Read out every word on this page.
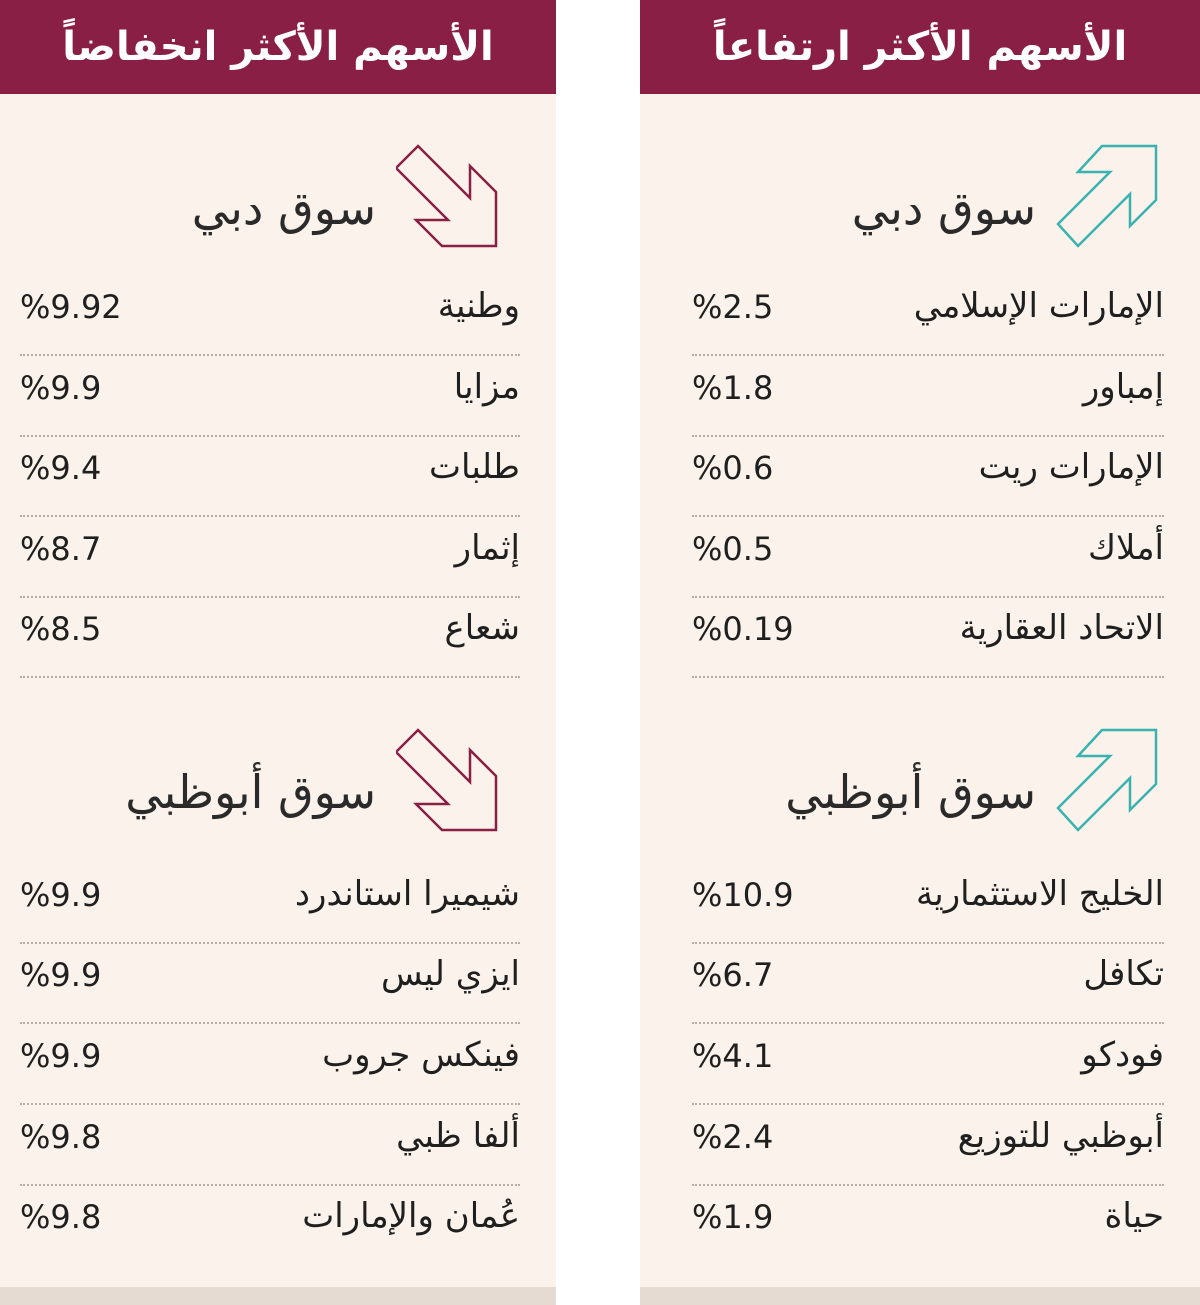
الأسهم الأكثر انخفاضاً
سوق دبي
وطنية
%9.92
مزايا
%9.9
طلبات
%9.4
إثمار
%8.7
شعاع
%8.5
سوق أبوظبي
شيميرا استاندرد
%9.9
ايزي ليس
%9.9
فينكس جروب
%9.9
ألفا ظبي
%9.8
عُمان والإمارات
%9.8
الأسهم الأكثر ارتفاعاً
سوق دبي
الإمارات الإسلامي
%2.5
إمباور
%1.8
الإمارات ريت
%0.6
أملاك
%0.5
الاتحاد العقارية
%0.19
سوق أبوظبي
الخليج الاستثمارية
%10.9
تكافل
%6.7
فودكو
%4.1
أبوظبي للتوزيع
%2.4
حياة
%1.9
